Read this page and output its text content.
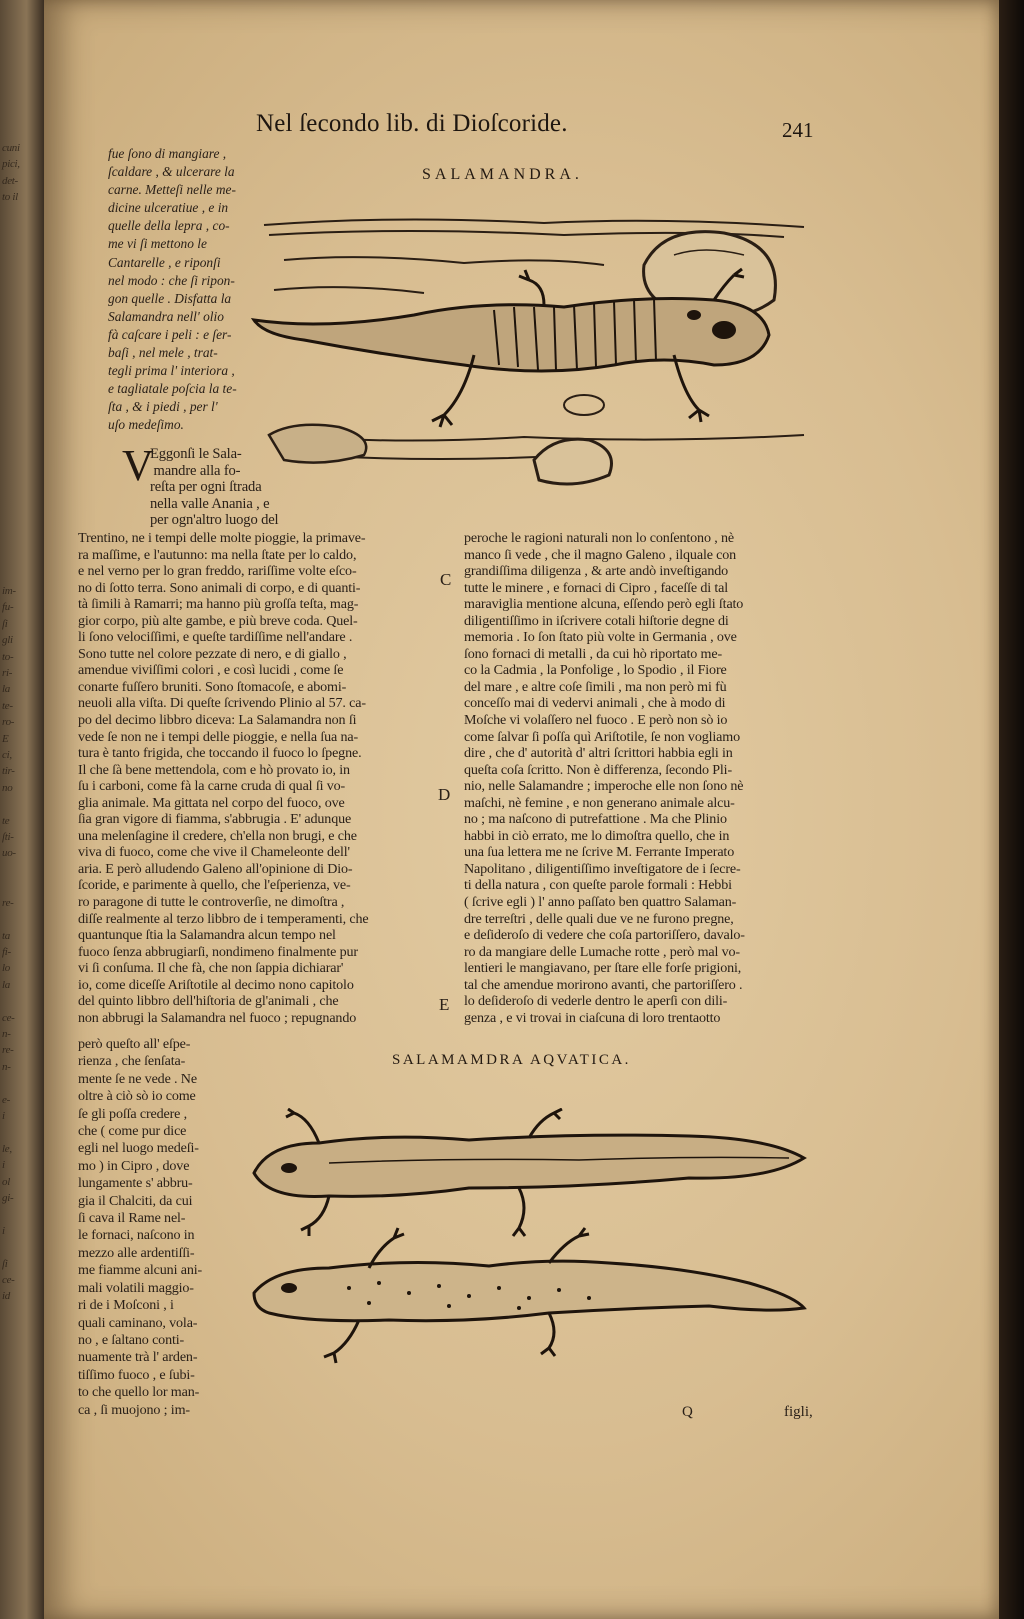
cuni
pici,
det-
to il

im-
fu-
ſi
gli
to-
ri-
la
te-
ro-
E
ci,
tir-
no

te
ſti-
uo-

re-

ta
fi-
lo
la

ce-
n-
re-
n-

e-
i

le,
i
ol
gi-

i

ſi
ce-
id
Nel ſecondo lib. di Dioſcoride.	241
SALAMANDRA.
fue ſono di mangiare ,
ſcaldare , & ulcerare la
carne. Metteſi nelle me-
dicine ulceratiue , e in
quelle della lepra , co-
me vi ſi mettono le
Cantarelle , e riponſi
nel modo : che ſi ripon-
gon quelle . Disfatta la
Salamandra nell' olio
fà caſcare i peli : e ſer-
baſi , nel mele , trat-
tegli prima l' interiora ,
e tagliatale poſcia la te-
ſta , & i piedi , per l'
uſo medeſimo.
V
Eggonſi le Sala-
mandre alla fo-
reſta per ogni ſtrada
nella valle Anania , e
per ogn'altro luogo del
Trentino, ne i tempi delle molte pioggie, la primave-
ra maſſime, e l'autunno: ma nella ſtate per lo caldo,
e nel verno per lo gran freddo, rariſſime volte eſco-
no di ſotto terra. Sono animali di corpo, e di quanti-
tà ſimili à Ramarri; ma hanno più groſſa teſta, mag-
gior corpo, più alte gambe, e più breve coda. Quel-
li ſono velociſſimi, e queſte tardiſſime nell'andare .
Sono tutte nel colore pezzate di nero, e di giallo ,
amendue viviſſimi colori , e così lucidi , come ſe
conarte fuſſero bruniti. Sono ſtomacoſe, e abomi-
neuoli alla viſta. Di queſte ſcrivendo Plinio al 57. ca-
po del decimo libbro diceva: La Salamandra non ſi
vede ſe non ne i tempi delle pioggie, e nella ſua na-
tura è tanto frigida, che toccando il fuoco lo ſpegne.
Il che ſà bene mettendola, com e hò provato io, in
ſu i carboni, come fà la carne cruda di qual ſi vo-
glia animale. Ma gittata nel corpo del fuoco, ove
ſia gran vigore di fiamma, s'abbrugia . E' adunque
una melenſagine il credere, ch'ella non brugi, e che
viva di fuoco, come che vive il Chameleonte dell'
aria. E però alludendo Galeno all'opinione di Dio-
ſcoride, e parimente à quello, che l'eſperienza, ve-
ro paragone di tutte le controverſie, ne dimoſtra ,
diſſe realmente al terzo libbro de i temperamenti, che
quantunque ſtia la Salamandra alcun tempo nel
fuoco ſenza abbrugiarſi, nondimeno finalmente pur
vi ſi conſuma. Il che fà, che non ſappia dichiarar'
io, come diceſſe Ariſtotile al decimo nono capitolo
del quinto libbro dell'hiſtoria de gl'animali , che
non abbrugi la Salamandra nel fuoco ; repugnando
però queſto all' eſpe-
rienza , che ſenſata-
mente ſe ne vede . Ne
oltre à ciò sò io come
ſe gli poſſa credere ,
che ( come pur dice
egli nel luogo medeſi-
mo ) in Cipro , dove
lungamente s' abbru-
gia il Chalciti, da cui
ſi cava il Rame nel-
le fornaci, naſcono in
mezzo alle ardentiſſi-
me fiamme alcuni ani-
mali volatili maggio-
ri de i Moſconi , i
quali caminano, vola-
no , e ſaltano conti-
nuamente trà l' arden-
tiſſimo fuoco , e ſubi-
to che quello lor man-
ca , ſi muojono ; im-
peroche le ragioni naturali non lo conſentono , nè
manco ſi vede , che il magno Galeno , ilquale con
grandiſſima diligenza , & arte andò inveſtigando
tutte le minere , e fornaci di Cipro , faceſſe di tal
maraviglia mentione alcuna, eſſendo però egli ſtato
diligentiſſimo in iſcrivere cotali hiſtorie degne di
memoria . Io ſon ſtato più volte in Germania , ove
ſono fornaci di metalli , da cui hò riportato me-
co la Cadmia , la Ponfolige , lo Spodio , il Fiore
del mare , e altre coſe ſimili , ma non però mi fù
conceſſo mai di vedervi animali , che à modo di
Moſche vi volaſſero nel fuoco . E però non sò io
come ſalvar ſi poſſa quì Ariſtotile, ſe non vogliamo
dire , che d' autorità d' altri ſcrittori habbia egli in
queſta coſa ſcritto. Non è differenza, ſecondo Pli-
nio, nelle Salamandre ; imperoche elle non ſono nè
maſchi, nè femine , e non generano animale alcu-
no ; ma naſcono di putrefattione . Ma che Plinio
habbi in ciò errato, me lo dimoſtra quello, che in
una ſua lettera me ne ſcrive M. Ferrante Imperato
Napolitano , diligentiſſimo inveſtigatore de i ſecre-
ti della natura , con queſte parole formali : Hebbi
( ſcrive egli ) l' anno paſſato ben quattro Salaman-
dre terreſtri , delle quali due ve ne furono pregne,
e deſideroſo di vedere che coſa partoriſſero, davalo-
ro da mangiare delle Lumache rotte , però mal vo-
lentieri le mangiavano, per ſtare elle forſe prigioni,
tal che amendue morirono avanti, che partoriſſero .
lo deſideroſo di vederle dentro le aperſi con dili-
genza , e vi trovai in ciaſcuna di loro trentaotto
C
D
E
SALAMAMDRA AQVATICA.
Q	figli,
